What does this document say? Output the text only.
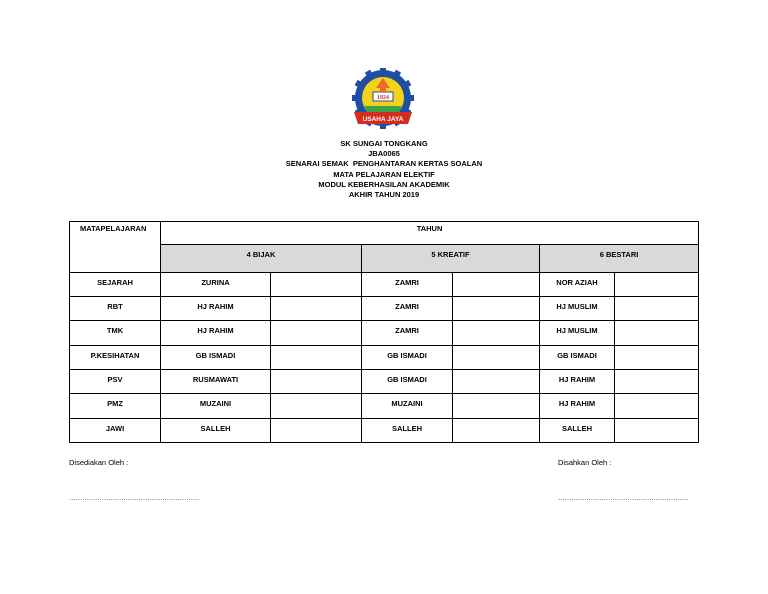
1924
USAHA JAYA
SK SUNGAI TONGKANG
JBA0065
SENARAI SEMAK  PENGHANTARAN KERTAS SOALAN
MATA PELAJARAN ELEKTIF
MODUL KEBERHASILAN AKADEMIK
AKHIR TAHUN 2019
MATAPELAJARAN	TAHUN					
	4 BIJAK		5 KREATIF		6 BESTARI	
SEJARAH	ZURINA		ZAMRI		NOR AZIAH	
RBT	HJ RAHIM		ZAMRI		HJ MUSLIM	
TMK	HJ RAHIM		ZAMRI		HJ MUSLIM	
P.KESIHATAN	GB ISMADI		GB ISMADI		GB ISMADI	
PSV	RUSMAWATI		GB ISMADI		HJ RAHIM	
PMZ	MUZAINI		MUZAINI		HJ RAHIM	
JAWI	SALLEH		SALLEH		SALLEH	
Disediakan Oleh :	Disahkan Oleh :
……………………………………………………	……………………………………………………
